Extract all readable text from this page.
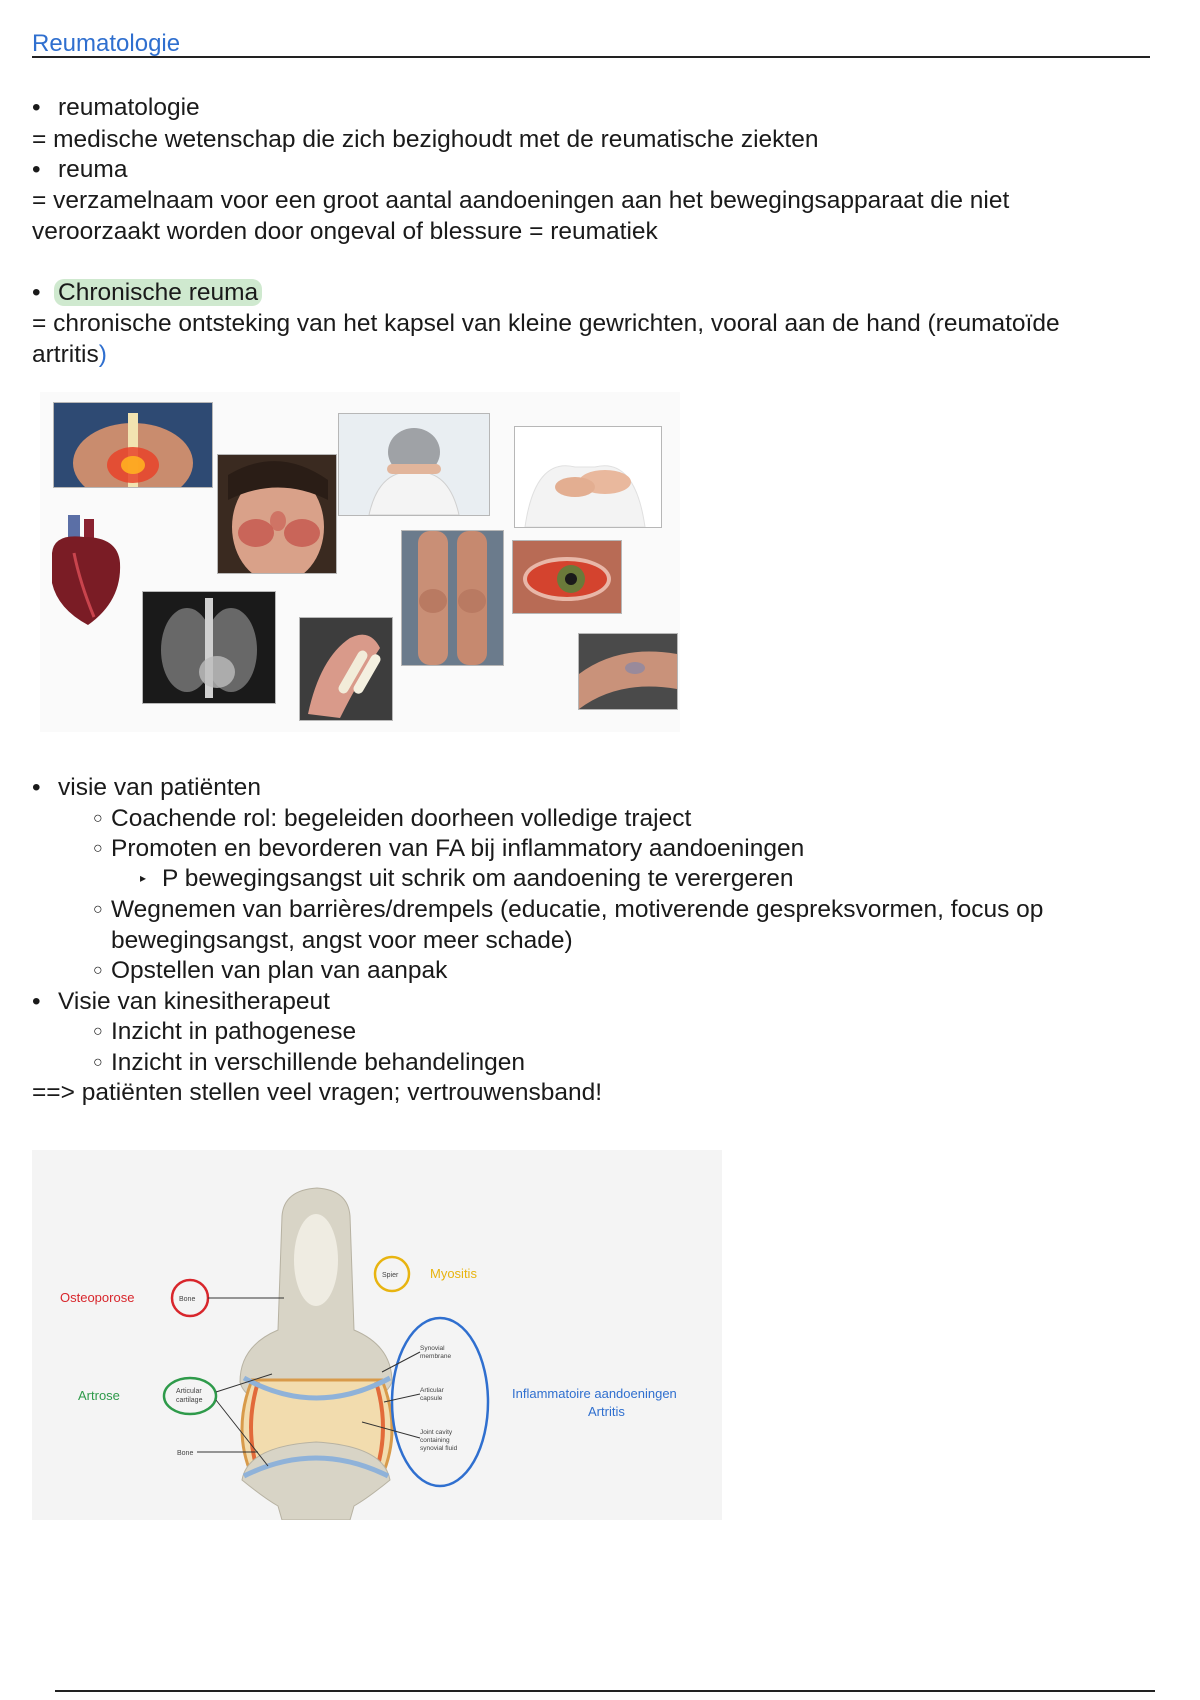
Reumatologie
• reumatologie
= medische wetenschap die zich bezighoudt met de reumatische ziekten
• reuma
= verzamelnaam voor een groot aantal aandoeningen aan het bewegingsapparaat die niet
veroorzaakt worden door ongeval of blessure = reumatiek
• Chronische reuma
= chronische ontsteking van het kapsel van kleine gewrichten, vooral aan de hand (reumatoïde
artritis)
• visie van patiënten
○ Coachende rol: begeleiden doorheen volledige traject
○ Promoten en bevorderen van FA bij inflammatory aandoeningen
▸ P bewegingsangst uit schrik om aandoening te verergeren
○ Wegnemen van barrières/drempels (educatie, motiverende gespreksvormen, focus op
bewegingsangst, angst voor meer schade)
○ Opstellen van plan van aanpak
• Visie van kinesitherapeut
○ Inzicht in pathogenese
○ Inzicht in verschillende behandelingen
==> patiënten stellen veel vragen; vertrouwensband!
Osteoporose	Bone
Artrose	Articular
cartilage
Bone
Spier Myositis
Synovial
membrane
Articular
capsule
Joint cavity
containing
synovial fluid
Inflammatoire aandoeningen
Artritis
